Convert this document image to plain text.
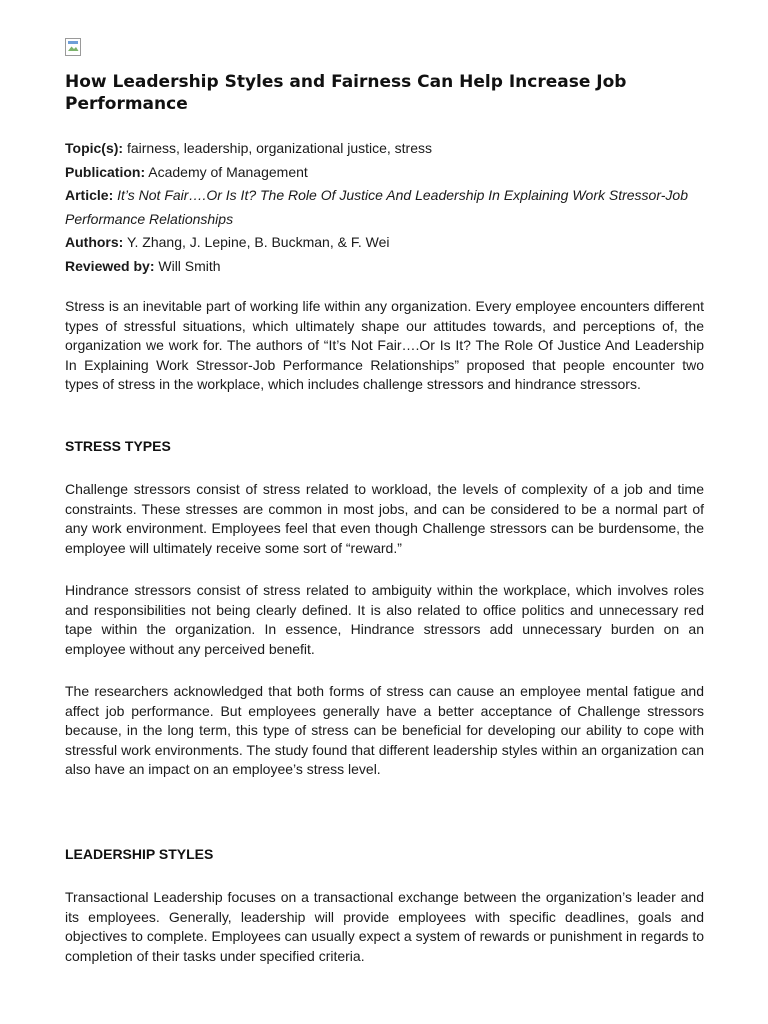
How Leadership Styles and Fairness Can Help Increase Job Performance
Topic(s): fairness, leadership, organizational justice, stress
Publication: Academy of Management
Article: It’s Not Fair….Or Is It? The Role Of Justice And Leadership In Explaining Work Stressor-Job Performance Relationships
Authors: Y. Zhang, J. Lepine, B. Buckman, & F. Wei
Reviewed by: Will Smith

Stress is an inevitable part of working life within any organization. Every employee encounters different types of stressful situations, which ultimately shape our attitudes towards, and perceptions of, the organization we work for. The authors of “It’s Not Fair….Or Is It? The Role Of Justice And Leadership In Explaining Work Stressor-Job Performance Relationships” proposed that people encounter two types of stress in the workplace, which includes challenge stressors and hindrance stressors.

STRESS TYPES

Challenge stressors consist of stress related to workload, the levels of complexity of a job and time constraints. These stresses are common in most jobs, and can be considered to be a normal part of any work environment. Employees feel that even though Challenge stressors can be burdensome, the employee will ultimately receive some sort of “reward.”

Hindrance stressors consist of stress related to ambiguity within the workplace, which involves roles and responsibilities not being clearly defined. It is also related to office politics and unnecessary red tape within the organization. In essence, Hindrance stressors add unnecessary burden on an employee without any perceived benefit.

The researchers acknowledged that both forms of stress can cause an employee mental fatigue and affect job performance. But employees generally have a better acceptance of Challenge stressors because, in the long term, this type of stress can be beneficial for developing our ability to cope with stressful work environments. The study found that different leadership styles within an organization can also have an impact on an employee’s stress level.

LEADERSHIP STYLES

Transactional Leadership focuses on a transactional exchange between the organization’s leader and its employees. Generally, leadership will provide employees with specific deadlines, goals and objectives to complete. Employees can usually expect a system of rewards or punishment in regards to completion of their tasks under specified criteria.
